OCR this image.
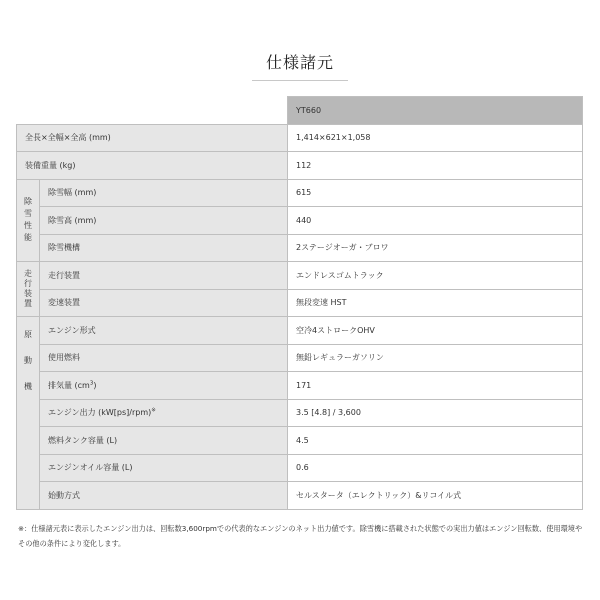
仕様諸元
		YT660
全長×全幅×全高 (mm)		1,414×621×1,058
装備重量 (kg)		112

除
雪
性
能	除雪幅 (mm)	615
	除雪高 (mm)	440
	除雪機構	2ステージオーガ・ブロワ

走
行
装
置	走行装置	エンドレスゴムトラック
	変速装置	無段変速 HST

原
動
機	エンジン形式	空冷4ストロークOHV
	使用燃料	無鉛レギュラーガソリン
	排気量 $(cm^3)$	171
	エンジン出力 (kW[ps]/rpm)※	3.5 [4.8] / 3,600
	燃料タンク容量 (L)	4.5
	エンジンオイル容量 (L)	0.6
	始動方式	セルスタータ（エレクトリック）&リコイル式
※：仕様諸元表に表示したエンジン出力は、回転数3,600rpmでの代表的なエンジンのネット出力値です。除雪機に搭載された状態での実出力値はエンジン回転数、使用環境やその他の条件により変化します。
